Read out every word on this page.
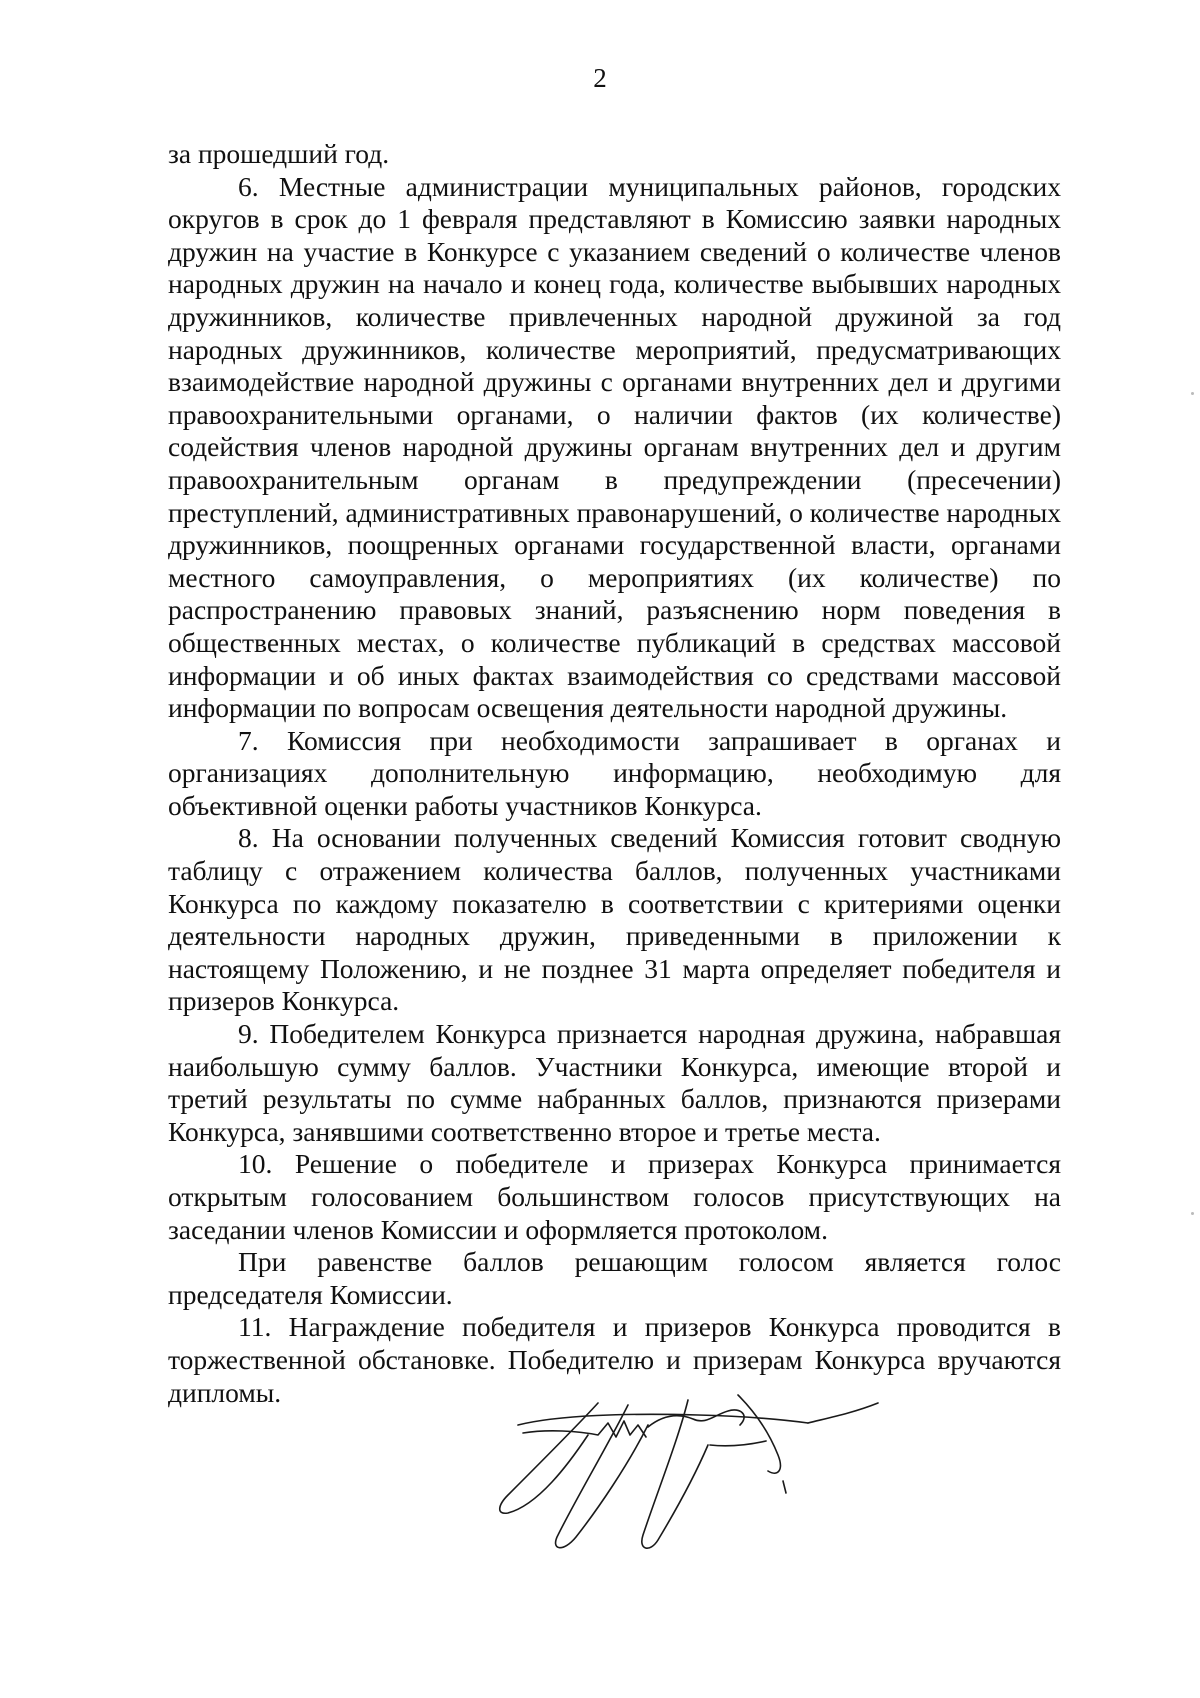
2

за прошедший год.

6. Местные администрации муниципальных районов, городских округов в срок до 1 февраля представляют в Комиссию заявки народных дружин на участие в Конкурсе с указанием сведений о количестве членов народных дружин на начало и конец года, количестве выбывших народных дружинников, количестве привлеченных народной дружиной за год народных дружинников, количестве мероприятий, предусматривающих взаимодействие народной дружины с органами внутренних дел и другими правоохранительными органами, о наличии фактов (их количестве) содействия членов народной дружины органам внутренних дел и другим правоохранительным органам в предупреждении (пресечении) преступлений, административных правонарушений, о количестве народных дружинников, поощренных органами государственной власти, органами местного самоуправления, о мероприятиях (их количестве) по распространению правовых знаний, разъяснению норм поведения в общественных местах, о количестве публикаций в средствах массовой информации и об иных фактах взаимодействия со средствами массовой информации по вопросам освещения деятельности народной дружины.

7. Комиссия при необходимости запрашивает в органах и организациях дополнительную информацию, необходимую для объективной оценки работы участников Конкурса.

8. На основании полученных сведений Комиссия готовит сводную таблицу с отражением количества баллов, полученных участниками Конкурса по каждому показателю в соответствии с критериями оценки деятельности народных дружин, приведенными в приложении к настоящему Положению, и не позднее 31 марта определяет победителя и призеров Конкурса.

9. Победителем Конкурса признается народная дружина, набравшая наибольшую сумму баллов. Участники Конкурса, имеющие второй и третий результаты по сумме набранных баллов, признаются призерами Конкурса, занявшими соответственно второе и третье места.

10. Решение о победителе и призерах Конкурса принимается открытым голосованием большинством голосов присутствующих на заседании членов Комиссии и оформляется протоколом.

При равенстве баллов решающим голосом является голос председателя Комиссии.

11. Награждение победителя и призеров Конкурса проводится в торжественной обстановке. Победителю и призерам Конкурса вручаются дипломы.
